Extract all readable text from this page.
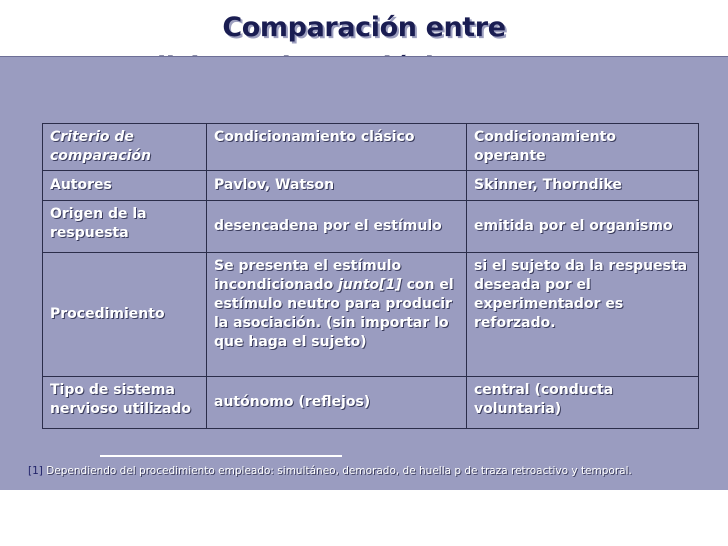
Comparación entre
Criterio de comparación	Condicionamiento clásico	Condicionamiento operante
Autores	Pavlov, Watson	Skinner, Thorndike
Origen de la respuesta	desencadena por el estímulo	emitida por el organismo
Procedimiento	Se presenta el estímulo incondicionado junto[1] con el estímulo neutro para producir la asociación. (sin importar lo que haga el sujeto)	si el sujeto da la respuesta deseada por el experimentador es reforzado.
Tipo de sistema nervioso utilizado	autónomo (reflejos)	central (conducta voluntaria)
[1] Dependiendo del procedimiento empleado: simultáneo, demorado, de huella p de traza retroactivo y temporal.
